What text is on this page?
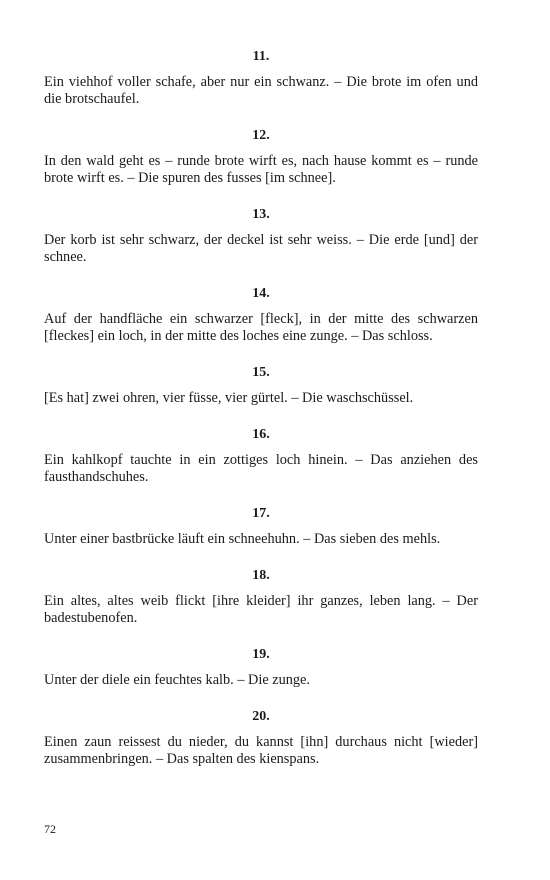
11.

Ein viehhof voller schafe, aber nur ein schwanz. – Die brote im ofen und die brotschaufel.

12.

In den wald geht es – runde brote wirft es, nach hause kommt es – runde brote wirft es. – Die spuren des fusses [im schnee].

13.

Der korb ist sehr schwarz, der deckel ist sehr weiss. – Die erde [und] der schnee.

14.

Auf der handfläche ein schwarzer [fleck], in der mitte des schwarzen [fleckes] ein loch, in der mitte des loches eine zunge. – Das schloss.

15.

[Es hat] zwei ohren, vier füsse, vier gürtel. – Die waschschüssel.

16.

Ein kahlkopf tauchte in ein zottiges loch hinein. – Das anziehen des fausthandschuhes.

17.

Unter einer bastbrücke läuft ein schneehuhn. – Das sieben des mehls.

18.

Ein altes, altes weib flickt [ihre kleider] ihr ganzes, leben lang. – Der badestubenofen.

19.

Unter der diele ein feuchtes kalb. – Die zunge.

20.

Einen zaun reissest du nieder, du kannst [ihn] durchaus nicht [wieder] zusammenbringen. – Das spalten des kienspans.

72
